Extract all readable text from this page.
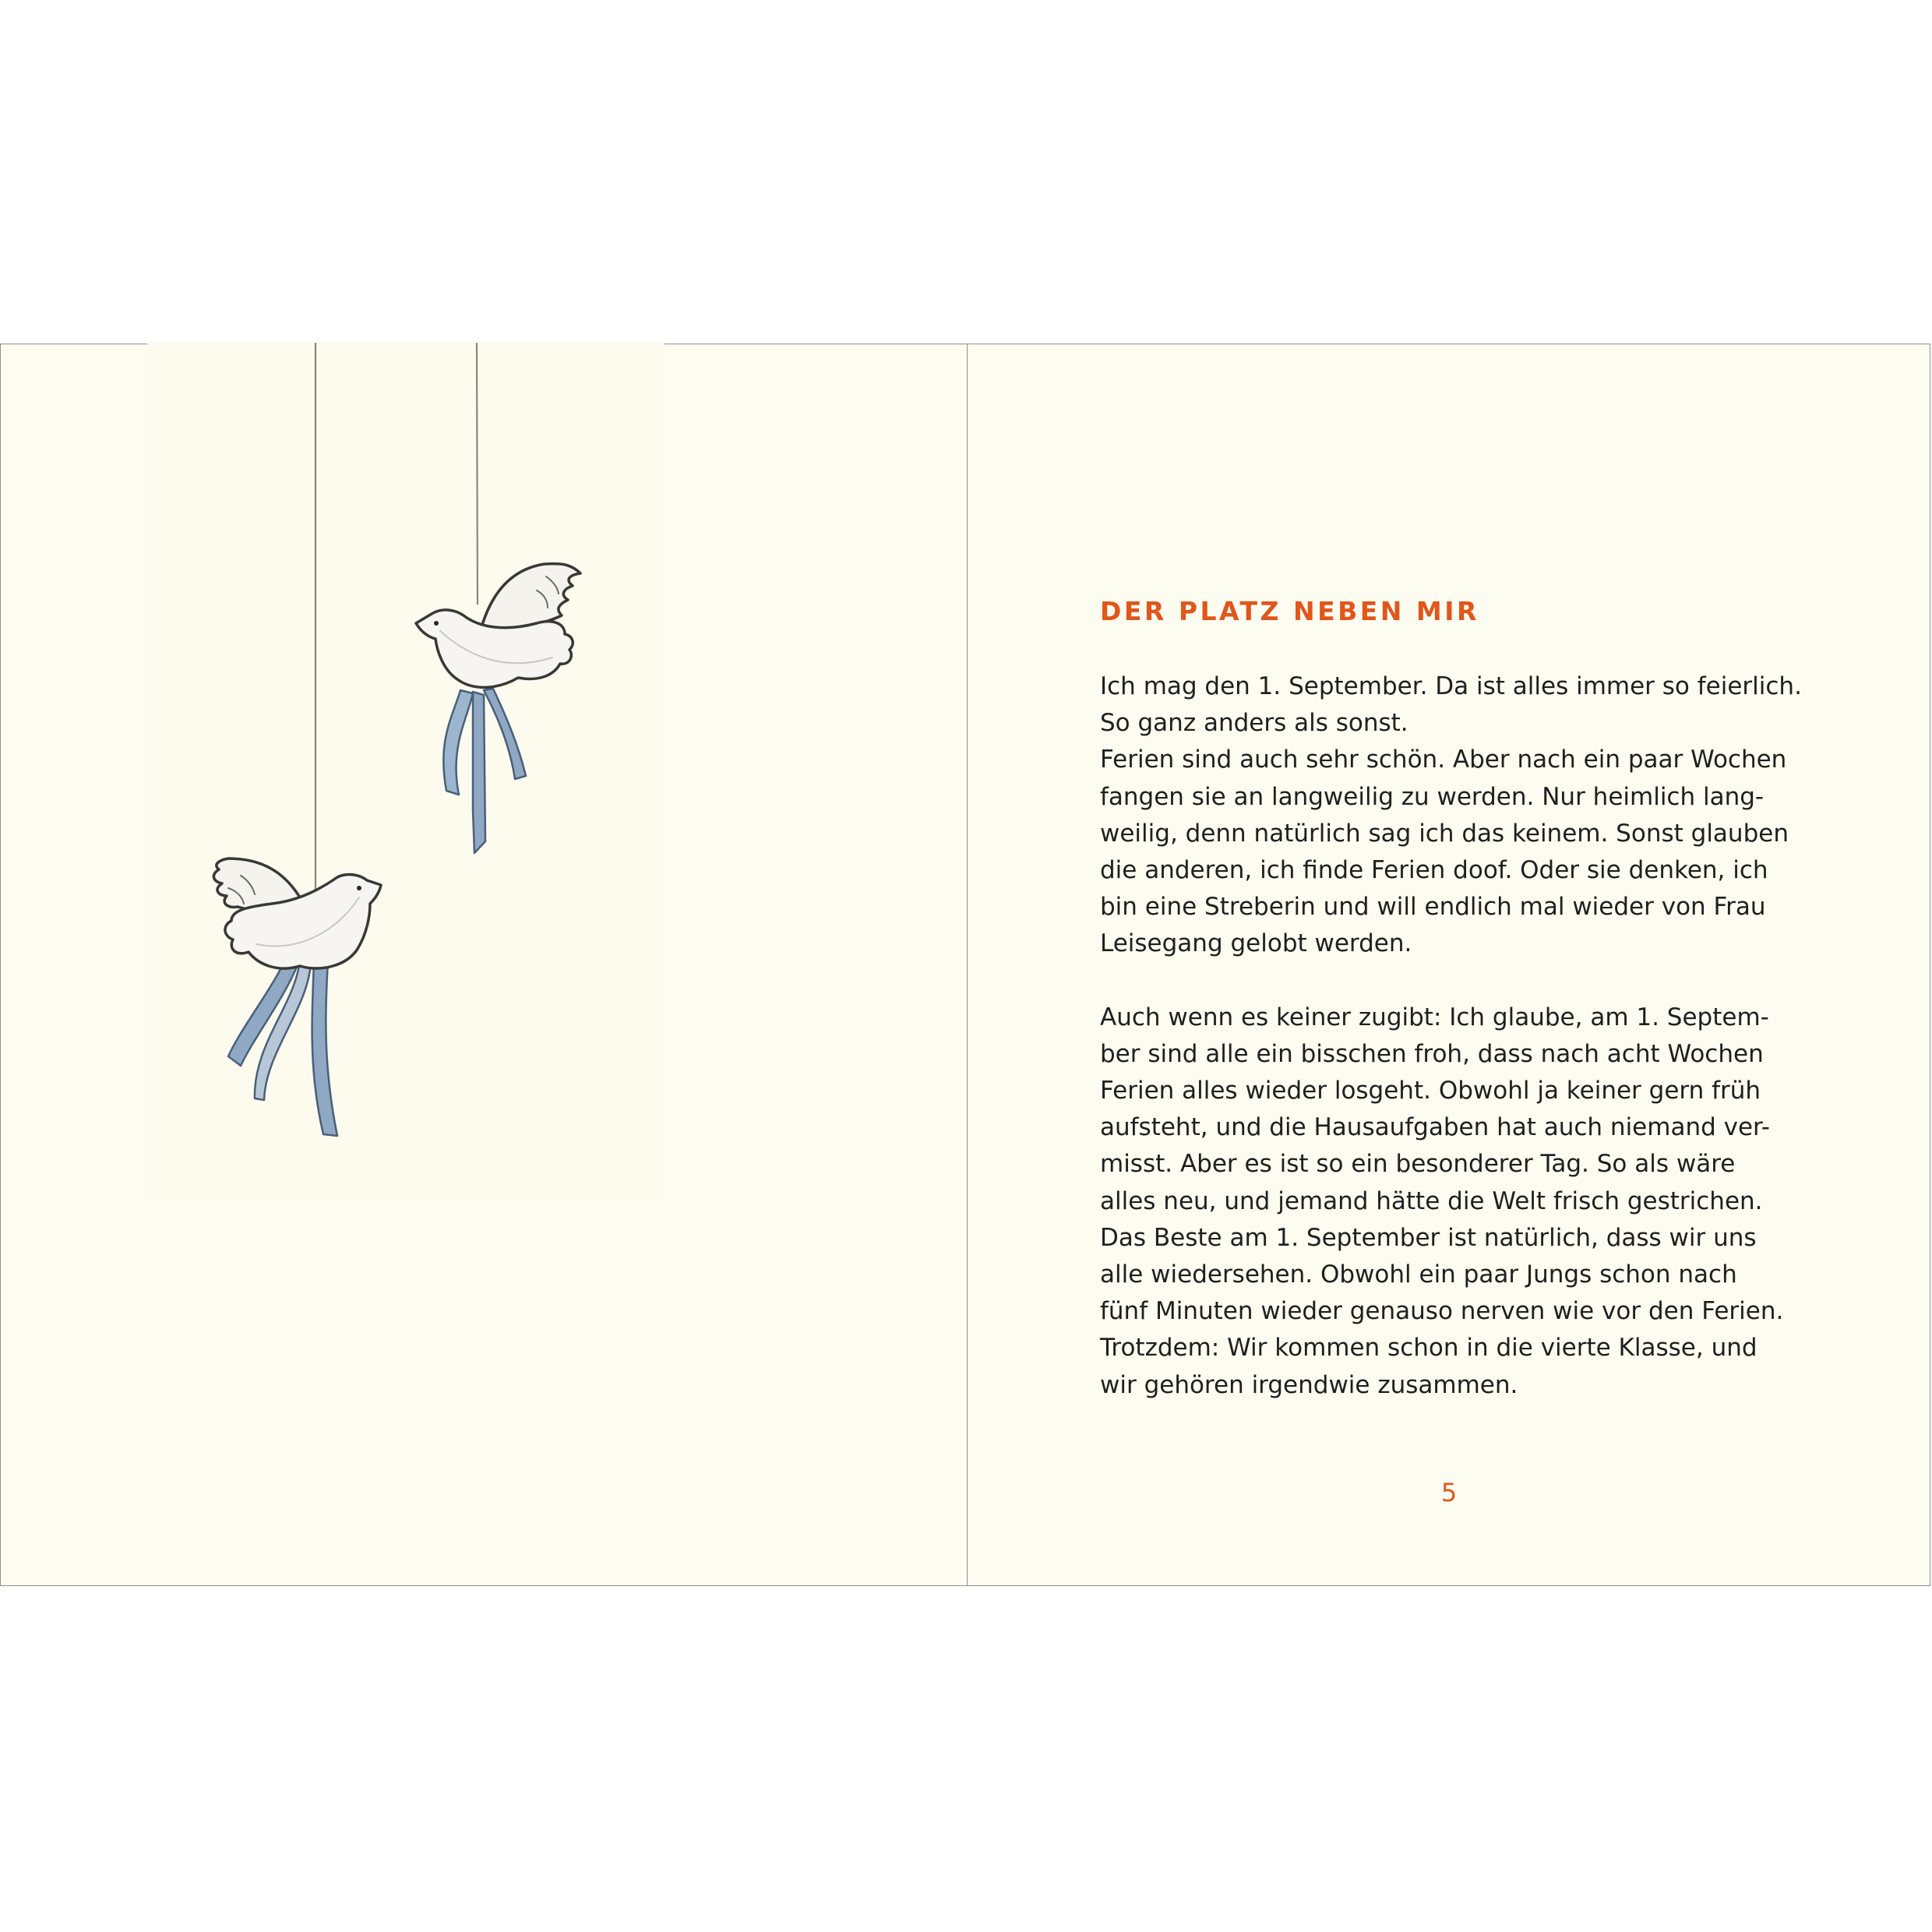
DER PLATZ NEBEN MIR
Ich mag den 1. September. Da ist alles immer so feierlich.
So ganz anders als sonst.
Ferien sind auch sehr schön. Aber nach ein paar Wochen
fangen sie an langweilig zu werden. Nur heimlich lang-
weilig, denn natürlich sag ich das keinem. Sonst glauben
die anderen, ich finde Ferien doof. Oder sie denken, ich
bin eine Streberin und will endlich mal wieder von Frau
Leisegang gelobt werden.
Auch wenn es keiner zugibt: Ich glaube, am 1. Septem-
ber sind alle ein bisschen froh, dass nach acht Wochen
Ferien alles wieder losgeht. Obwohl ja keiner gern früh
aufsteht, und die Hausaufgaben hat auch niemand ver-
misst. Aber es ist so ein besonderer Tag. So als wäre
alles neu, und jemand hätte die Welt frisch gestrichen.
Das Beste am 1. September ist natürlich, dass wir uns
alle wiedersehen. Obwohl ein paar Jungs schon nach
fünf Minuten wieder genauso nerven wie vor den Ferien.
Trotzdem: Wir kommen schon in die vierte Klasse, und
wir gehören irgendwie zusammen.
5
